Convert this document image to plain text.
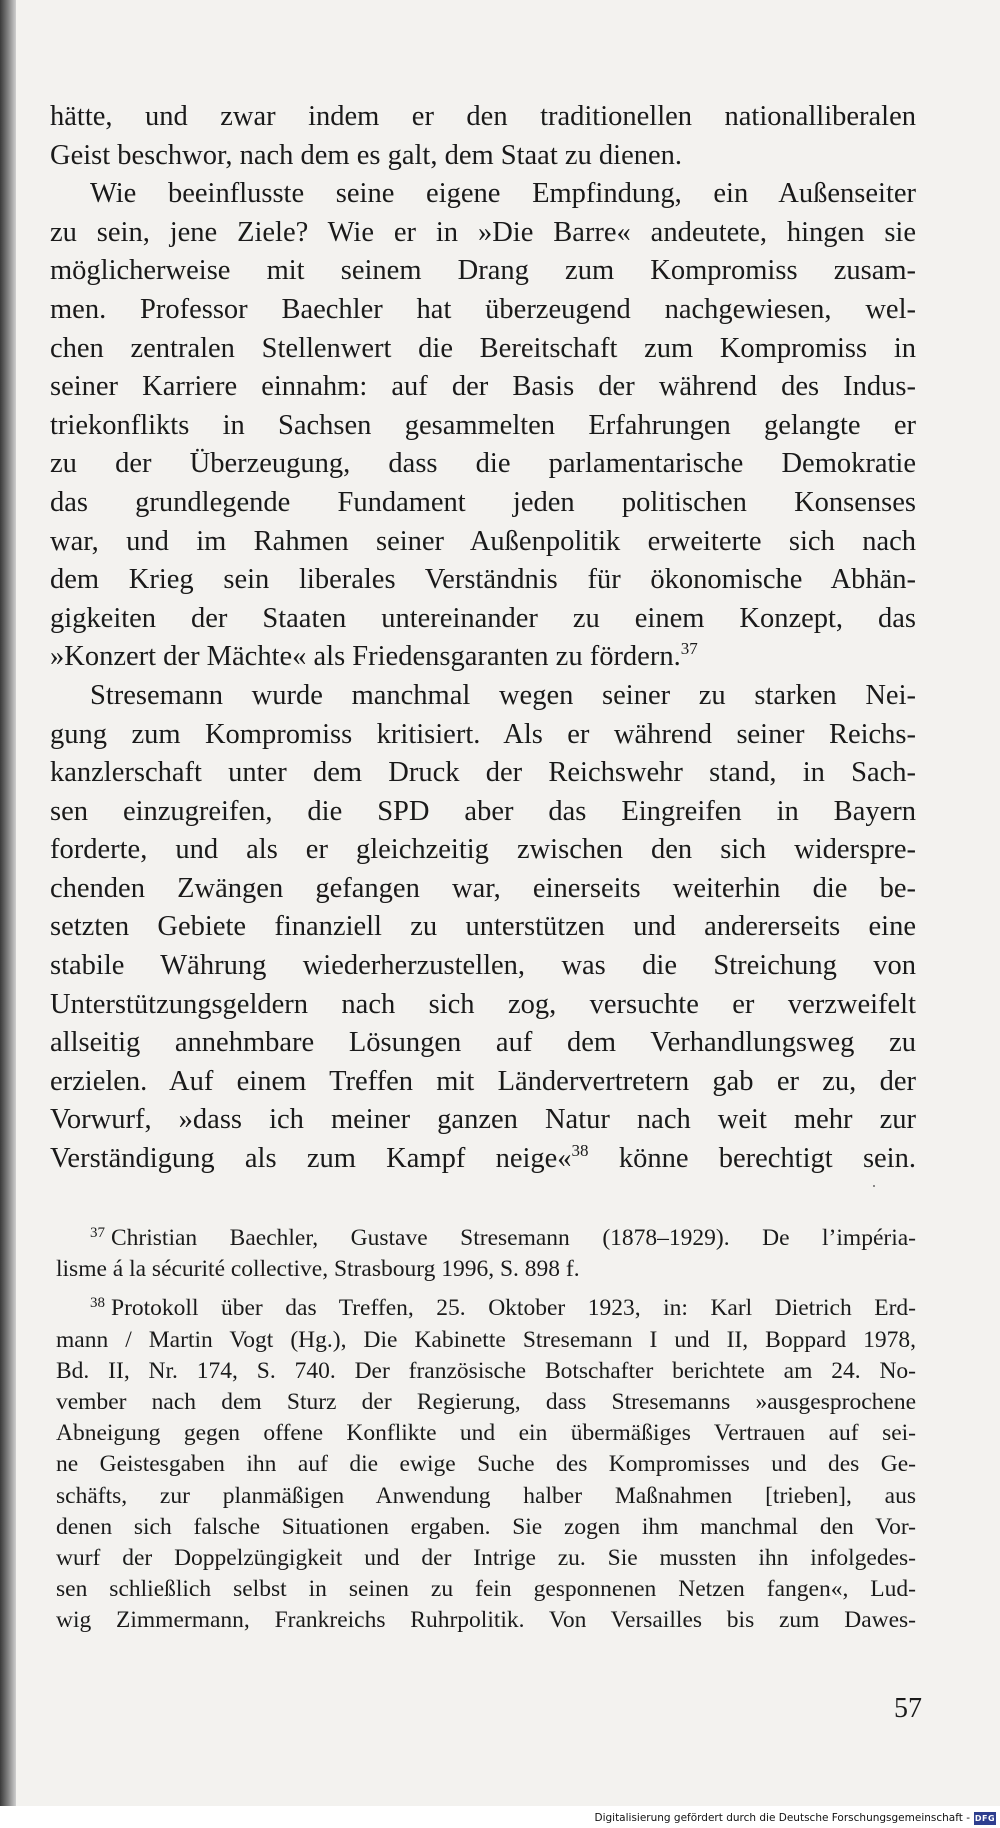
hätte, und zwar indem er den traditionellen nationalliberalen
Geist beschwor, nach dem es galt, dem Staat zu dienen.
Wie beeinflusste seine eigene Empfindung, ein Außenseiter
zu sein, jene Ziele? Wie er in »Die Barre« andeutete, hingen sie
möglicherweise mit seinem Drang zum Kompromiss zusam-
men. Professor Baechler hat überzeugend nachgewiesen, wel-
chen zentralen Stellenwert die Bereitschaft zum Kompromiss in
seiner Karriere einnahm: auf der Basis der während des Indus-
triekonflikts in Sachsen gesammelten Erfahrungen gelangte er
zu der Überzeugung, dass die parlamentarische Demokratie
das grundlegende Fundament jeden politischen Konsenses
war, und im Rahmen seiner Außenpolitik erweiterte sich nach
dem Krieg sein liberales Verständnis für ökonomische Abhän-
gigkeiten der Staaten untereinander zu einem Konzept, das
»Konzert der Mächte« als Friedensgaranten zu fördern.$^{37}$
Stresemann wurde manchmal wegen seiner zu starken Nei-
gung zum Kompromiss kritisiert. Als er während seiner Reichs-
kanzlerschaft unter dem Druck der Reichswehr stand, in Sach-
sen einzugreifen, die SPD aber das Eingreifen in Bayern
forderte, und als er gleichzeitig zwischen den sich widerspre-
chenden Zwängen gefangen war, einerseits weiterhin die be-
setzten Gebiete finanziell zu unterstützen und andererseits eine
stabile Währung wiederherzustellen, was die Streichung von
Unterstützungsgeldern nach sich zog, versuchte er verzweifelt
allseitig annehmbare Lösungen auf dem Verhandlungsweg zu
erzielen. Auf einem Treffen mit Ländervertretern gab er zu, der
Vorwurf, »dass ich meiner ganzen Natur nach weit mehr zur
Verständigung als zum Kampf neige«$^{38}$ könne berechtigt sein.
$^{37}$ Christian Baechler, Gustave Stresemann (1878–1929). De l’impéria-
lisme á la sécurité collective, Strasbourg 1996, S. 898 f.
$^{38}$ Protokoll über das Treffen, 25. Oktober 1923, in: Karl Dietrich Erd-
mann / Martin Vogt (Hg.), Die Kabinette Stresemann I und II, Boppard 1978,
Bd. II, Nr. 174, S. 740. Der französische Botschafter berichtete am 24. No-
vember nach dem Sturz der Regierung, dass Stresemanns »ausgesprochene
Abneigung gegen offene Konflikte und ein übermäßiges Vertrauen auf sei-
ne Geistesgaben ihn auf die ewige Suche des Kompromisses und des Ge-
schäfts, zur planmäßigen Anwendung halber Maßnahmen [trieben], aus
denen sich falsche Situationen ergaben. Sie zogen ihm manchmal den Vor-
wurf der Doppelzüngigkeit und der Intrige zu. Sie mussten ihn infolgedes-
sen schließlich selbst in seinen zu fein gesponnenen Netzen fangen«, Lud-
wig Zimmermann, Frankreichs Ruhrpolitik. Von Versailles bis zum Dawes-
57
Digitalisierung gefördert durch die Deutsche Forschungsgemeinschaft - DFG
